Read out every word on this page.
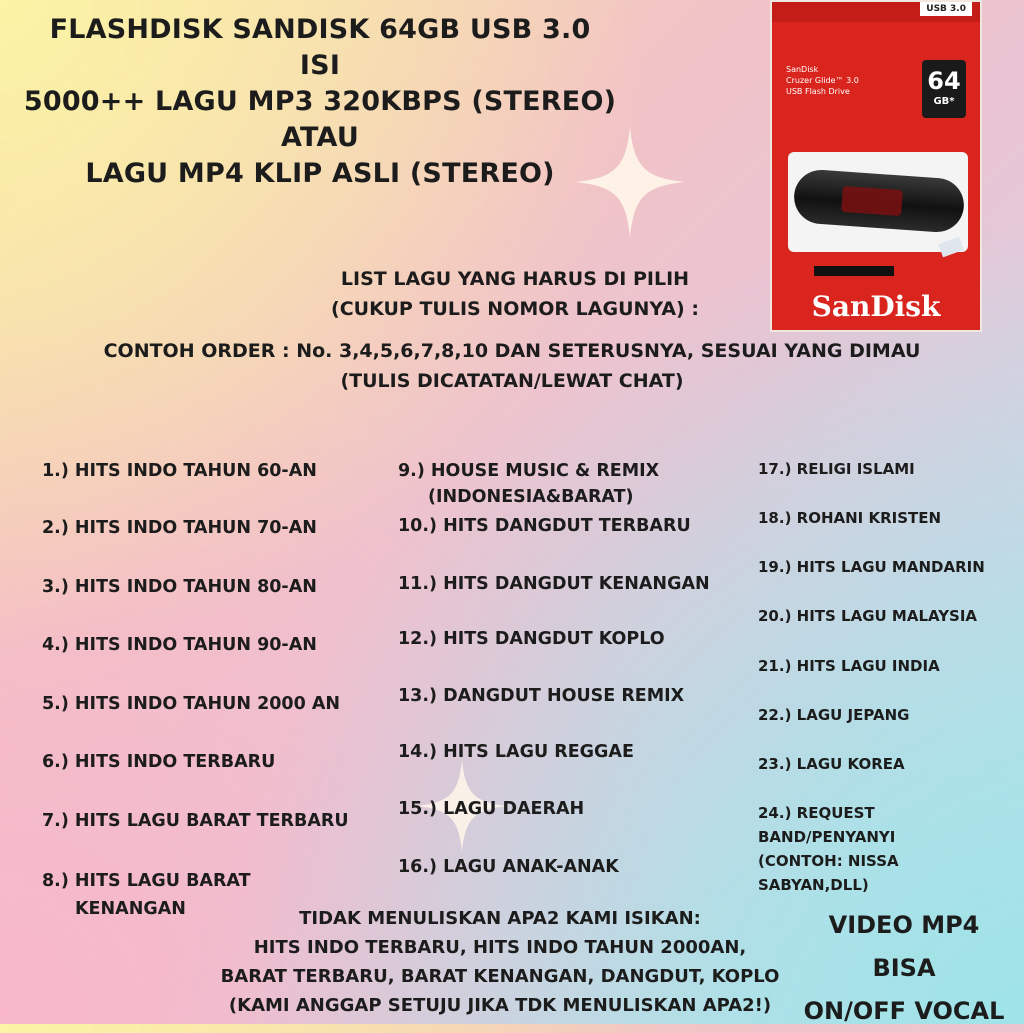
FLASHDISK SANDISK 64GB USB 3.0
ISI
5000++ LAGU MP3 320KBPS (STEREO)
ATAU
LAGU MP4 KLIP ASLI (STEREO)
USB 3.0
SanDisk
Cruzer Glide™ 3.0
USB Flash Drive	64
GB*
SanDisk
LIST LAGU YANG HARUS DI PILIH
(CUKUP TULIS NOMOR LAGUNYA) :
CONTOH ORDER : No. 3,4,5,6,7,8,10 DAN SETERUSNYA, SESUAI YANG DIMAU
(TULIS DICATATAN/LEWAT CHAT)
1.) HITS INDO TAHUN 60-AN
2.) HITS INDO TAHUN 70-AN
3.) HITS INDO TAHUN 80-AN
4.) HITS INDO TAHUN 90-AN
5.) HITS INDO TAHUN 2000 AN
6.) HITS INDO TERBARU
7.) HITS LAGU BARAT TERBARU
8.) HITS LAGU BARAT
KENANGAN
9.) HOUSE MUSIC & REMIX
(INDONESIA&BARAT)
10.) HITS DANGDUT TERBARU
11.) HITS DANGDUT KENANGAN
12.) HITS DANGDUT KOPLO
13.) DANGDUT HOUSE REMIX
14.) HITS LAGU REGGAE
15.) LAGU DAERAH
16.) LAGU ANAK-ANAK
17.) RELIGI ISLAMI
18.) ROHANI KRISTEN
19.) HITS LAGU MANDARIN
20.) HITS LAGU MALAYSIA
21.) HITS LAGU INDIA
22.) LAGU JEPANG
23.) LAGU KOREA
24.) REQUEST
BAND/PENYANYI
(CONTOH: NISSA
SABYAN,DLL)
TIDAK MENULISKAN APA2 KAMI ISIKAN:
HITS INDO TERBARU, HITS INDO TAHUN 2000AN,
BARAT TERBARU, BARAT KENANGAN, DANGDUT, KOPLO
(KAMI ANGGAP SETUJU JIKA TDK MENULISKAN APA2!)
VIDEO MP4
BISA
ON/OFF VOCAL
